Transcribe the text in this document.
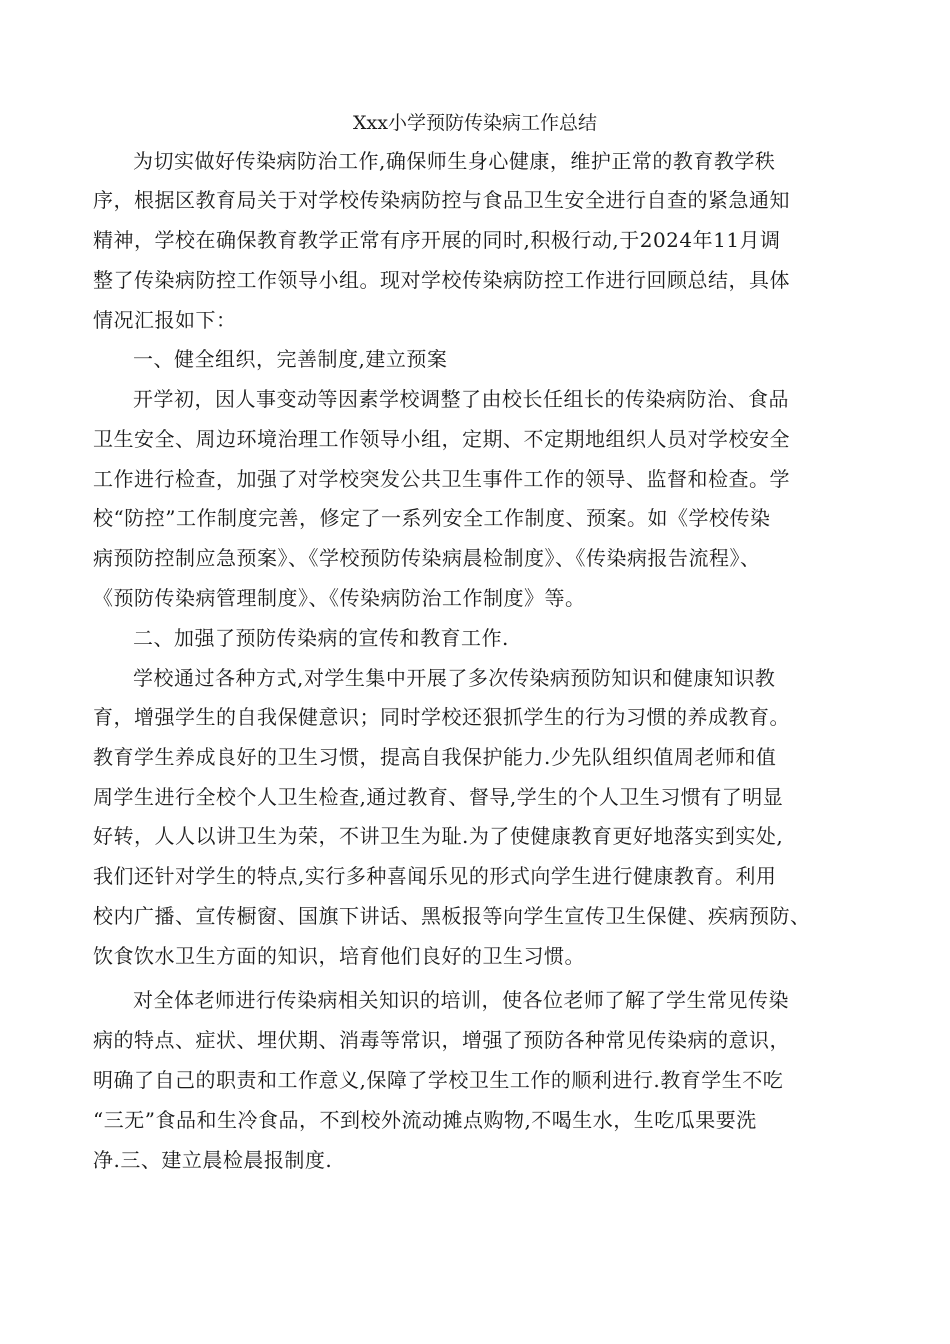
Xxx小学预防传染病工作总结
为切实做好传染病防治工作,确保师生身心健康，维护正常的教育教学秩
序，根据区教育局关于对学校传染病防控与食品卫生安全进行自查的紧急通知
精神，学校在确保教育教学正常有序开展的同时,积极行动,于2024年11月调
整了传染病防控工作领导小组。现对学校传染病防控工作进行回顾总结，具体
情况汇报如下：
一、健全组织，完善制度,建立预案
开学初，因人事变动等因素学校调整了由校长任组长的传染病防治、食品
卫生安全、周边环境治理工作领导小组，定期、不定期地组织人员对学校安全
工作进行检查，加强了对学校突发公共卫生事件工作的领导、监督和检查。学
校“防控”工作制度完善，修定了一系列安全工作制度、预案。如《学校传染
病预防控制应急预案》、《学校预防传染病晨检制度》、《传染病报告流程》、
《预防传染病管理制度》、《传染病防治工作制度》等。
二、加强了预防传染病的宣传和教育工作.
学校通过各种方式,对学生集中开展了多次传染病预防知识和健康知识教
育，增强学生的自我保健意识；同时学校还狠抓学生的行为习惯的养成教育。
教育学生养成良好的卫生习惯，提高自我保护能力.少先队组织值周老师和值
周学生进行全校个人卫生检查,通过教育、督导,学生的个人卫生习惯有了明显
好转，人人以讲卫生为荣，不讲卫生为耻.为了使健康教育更好地落实到实处,
我们还针对学生的特点,实行多种喜闻乐见的形式向学生进行健康教育。利用
校内广播、宣传橱窗、国旗下讲话、黑板报等向学生宣传卫生保健、疾病预防、
饮食饮水卫生方面的知识，培育他们良好的卫生习惯。
对全体老师进行传染病相关知识的培训，使各位老师了解了学生常见传染
病的特点、症状、埋伏期、消毒等常识，增强了预防各种常见传染病的意识，
明确了自己的职责和工作意义,保障了学校卫生工作的顺利进行.教育学生不吃
“三无”食品和生冷食品，不到校外流动摊点购物,不喝生水，生吃瓜果要洗
净.三、建立晨检晨报制度.
